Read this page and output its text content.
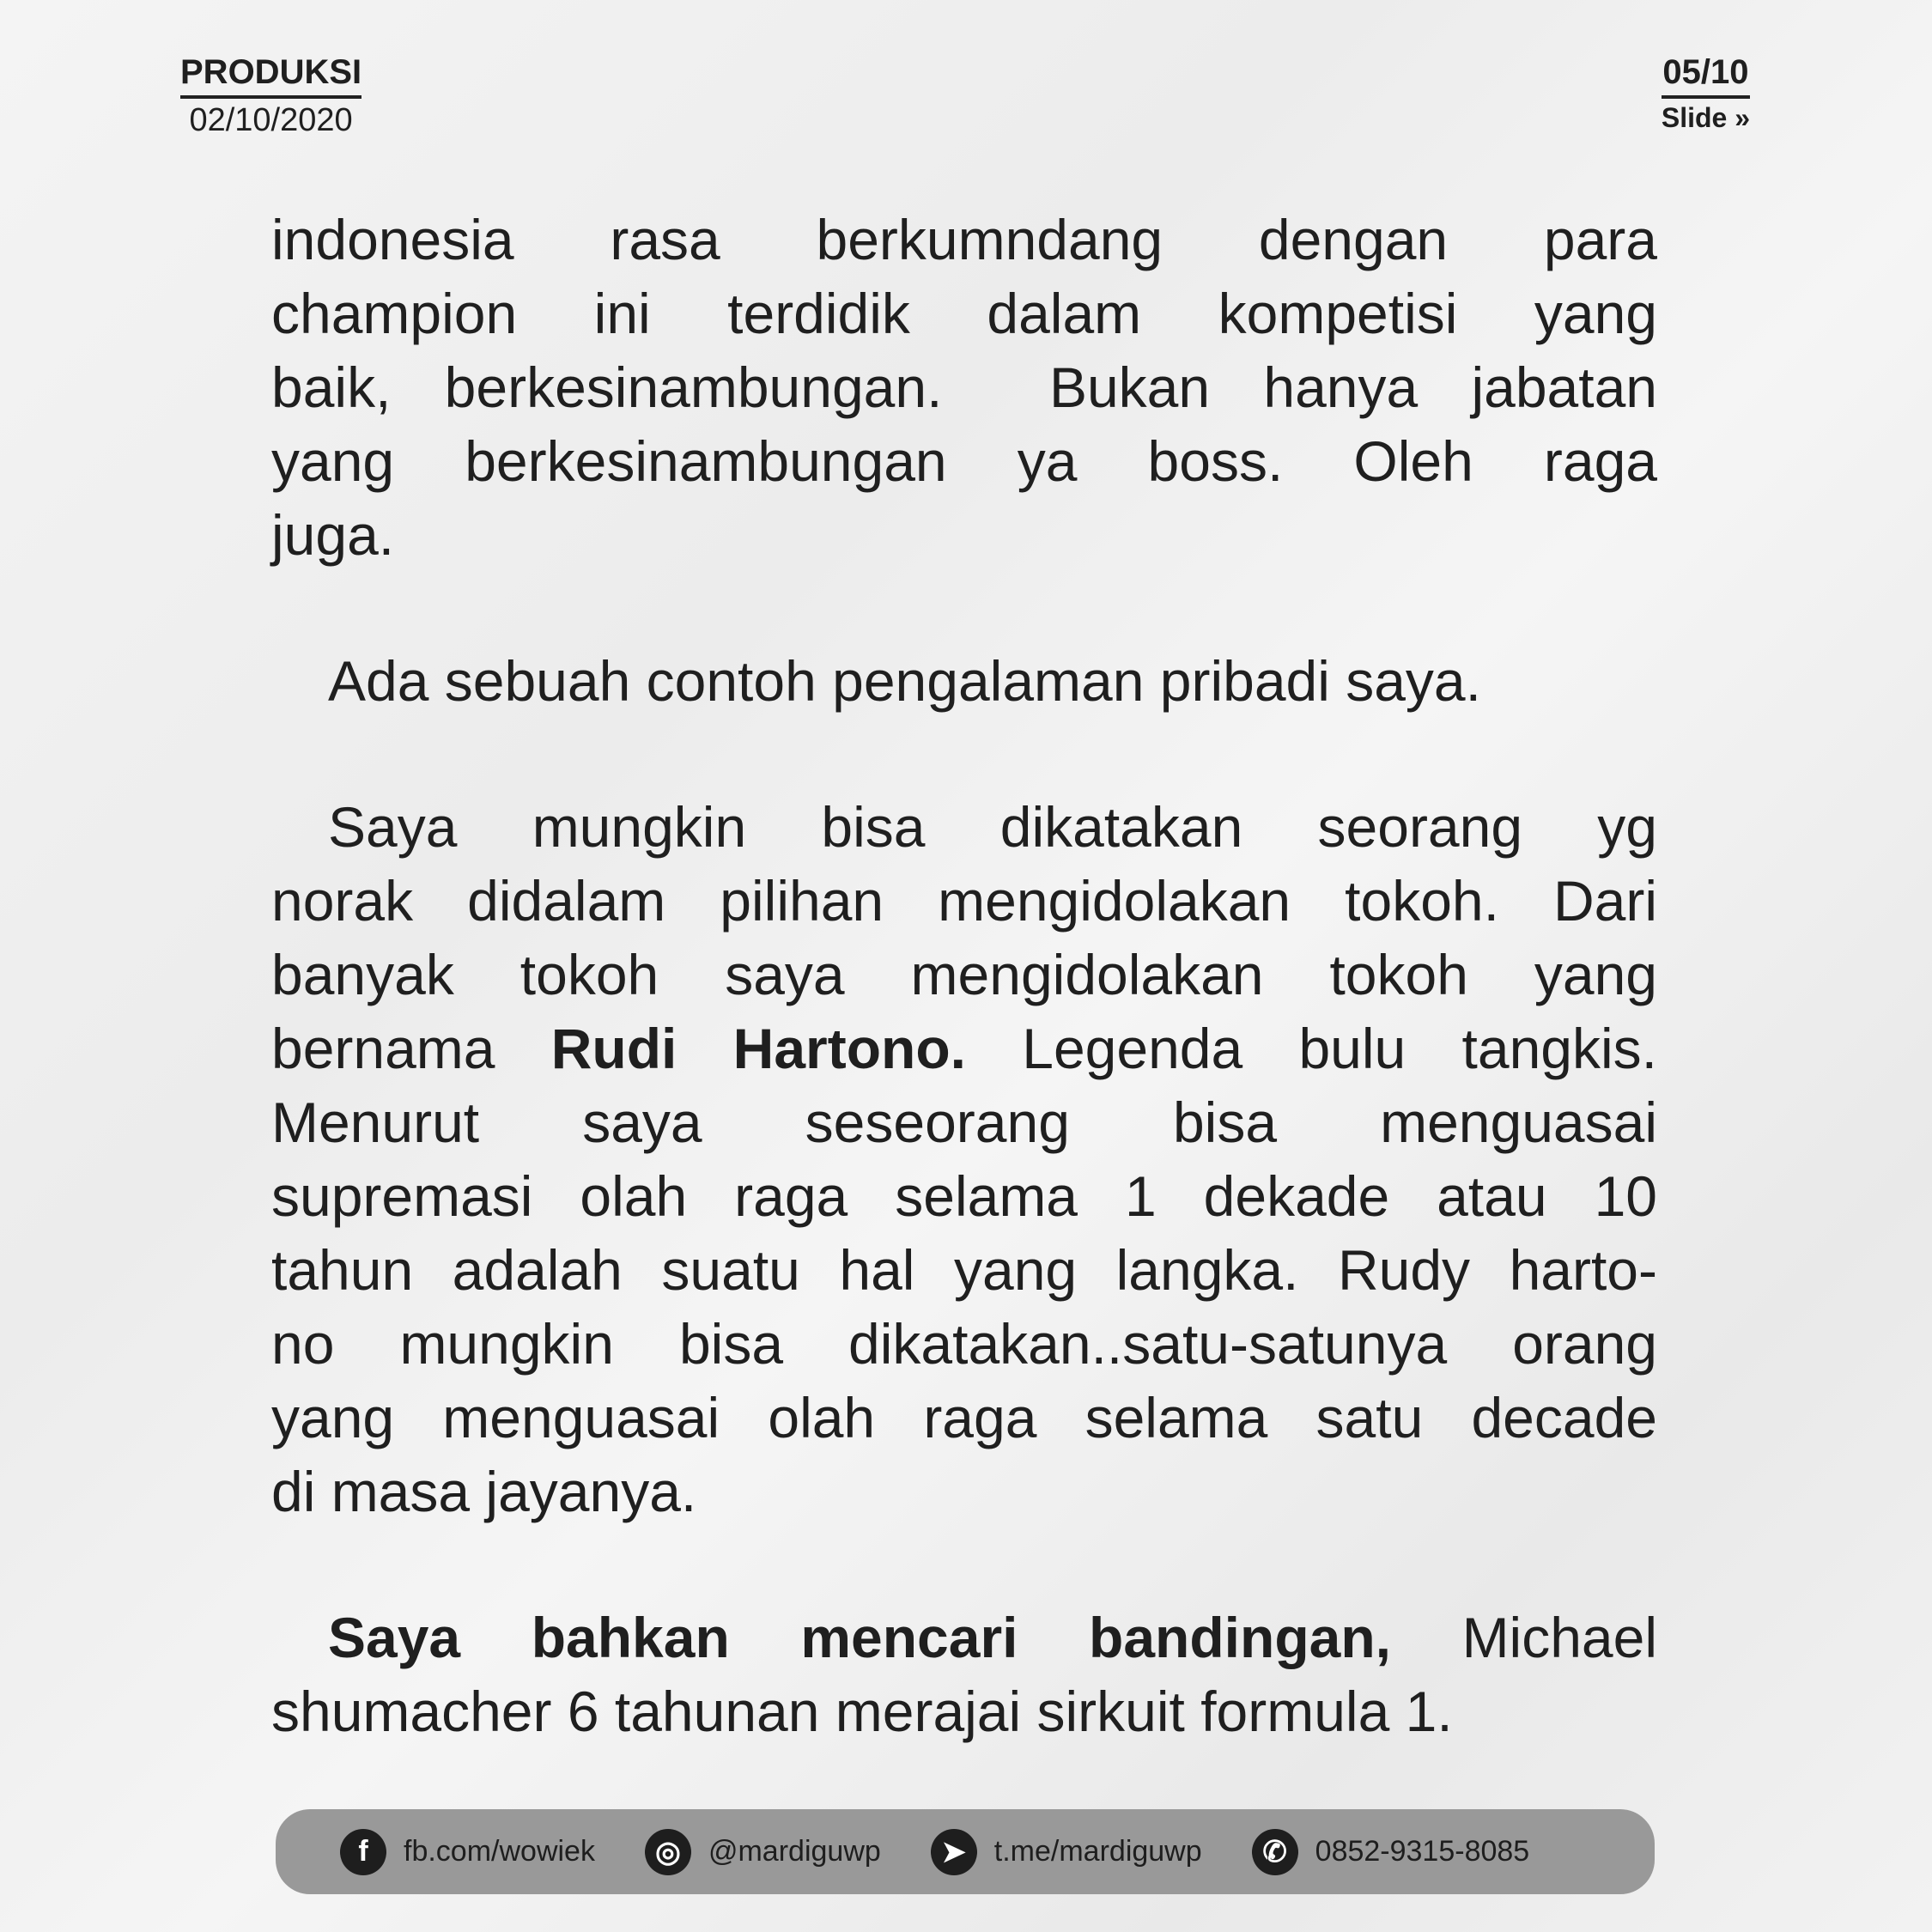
PRODUKSI
02/10/2020
05/10
Slide »
indonesia rasa berkumndang dengan para
champion ini terdidik dalam kompetisi yang
baik, berkesinambungan.  Bukan hanya jabatan
yang berkesinambungan ya boss. Oleh raga
juga.
Ada sebuah contoh pengalaman pribadi saya.
Saya mungkin bisa dikatakan seorang yg
norak didalam pilihan mengidolakan tokoh. Dari
banyak tokoh saya mengidolakan tokoh yang
bernama Rudi Hartono. Legenda bulu tangkis.
Menurut saya seseorang bisa menguasai
supremasi olah raga selama 1 dekade atau 10
tahun adalah suatu hal yang langka. Rudy harto-
no mungkin bisa dikatakan..satu-satunya orang
yang menguasai olah raga selama satu decade
di masa jayanya.
Saya bahkan mencari bandingan, Michael
shumacher 6 tahunan merajai sirkuit formula 1.
f	fb.com/wowiek	◎ @mardiguwp	➤ t.me/mardiguwp	✆ 0852-9315-8085
